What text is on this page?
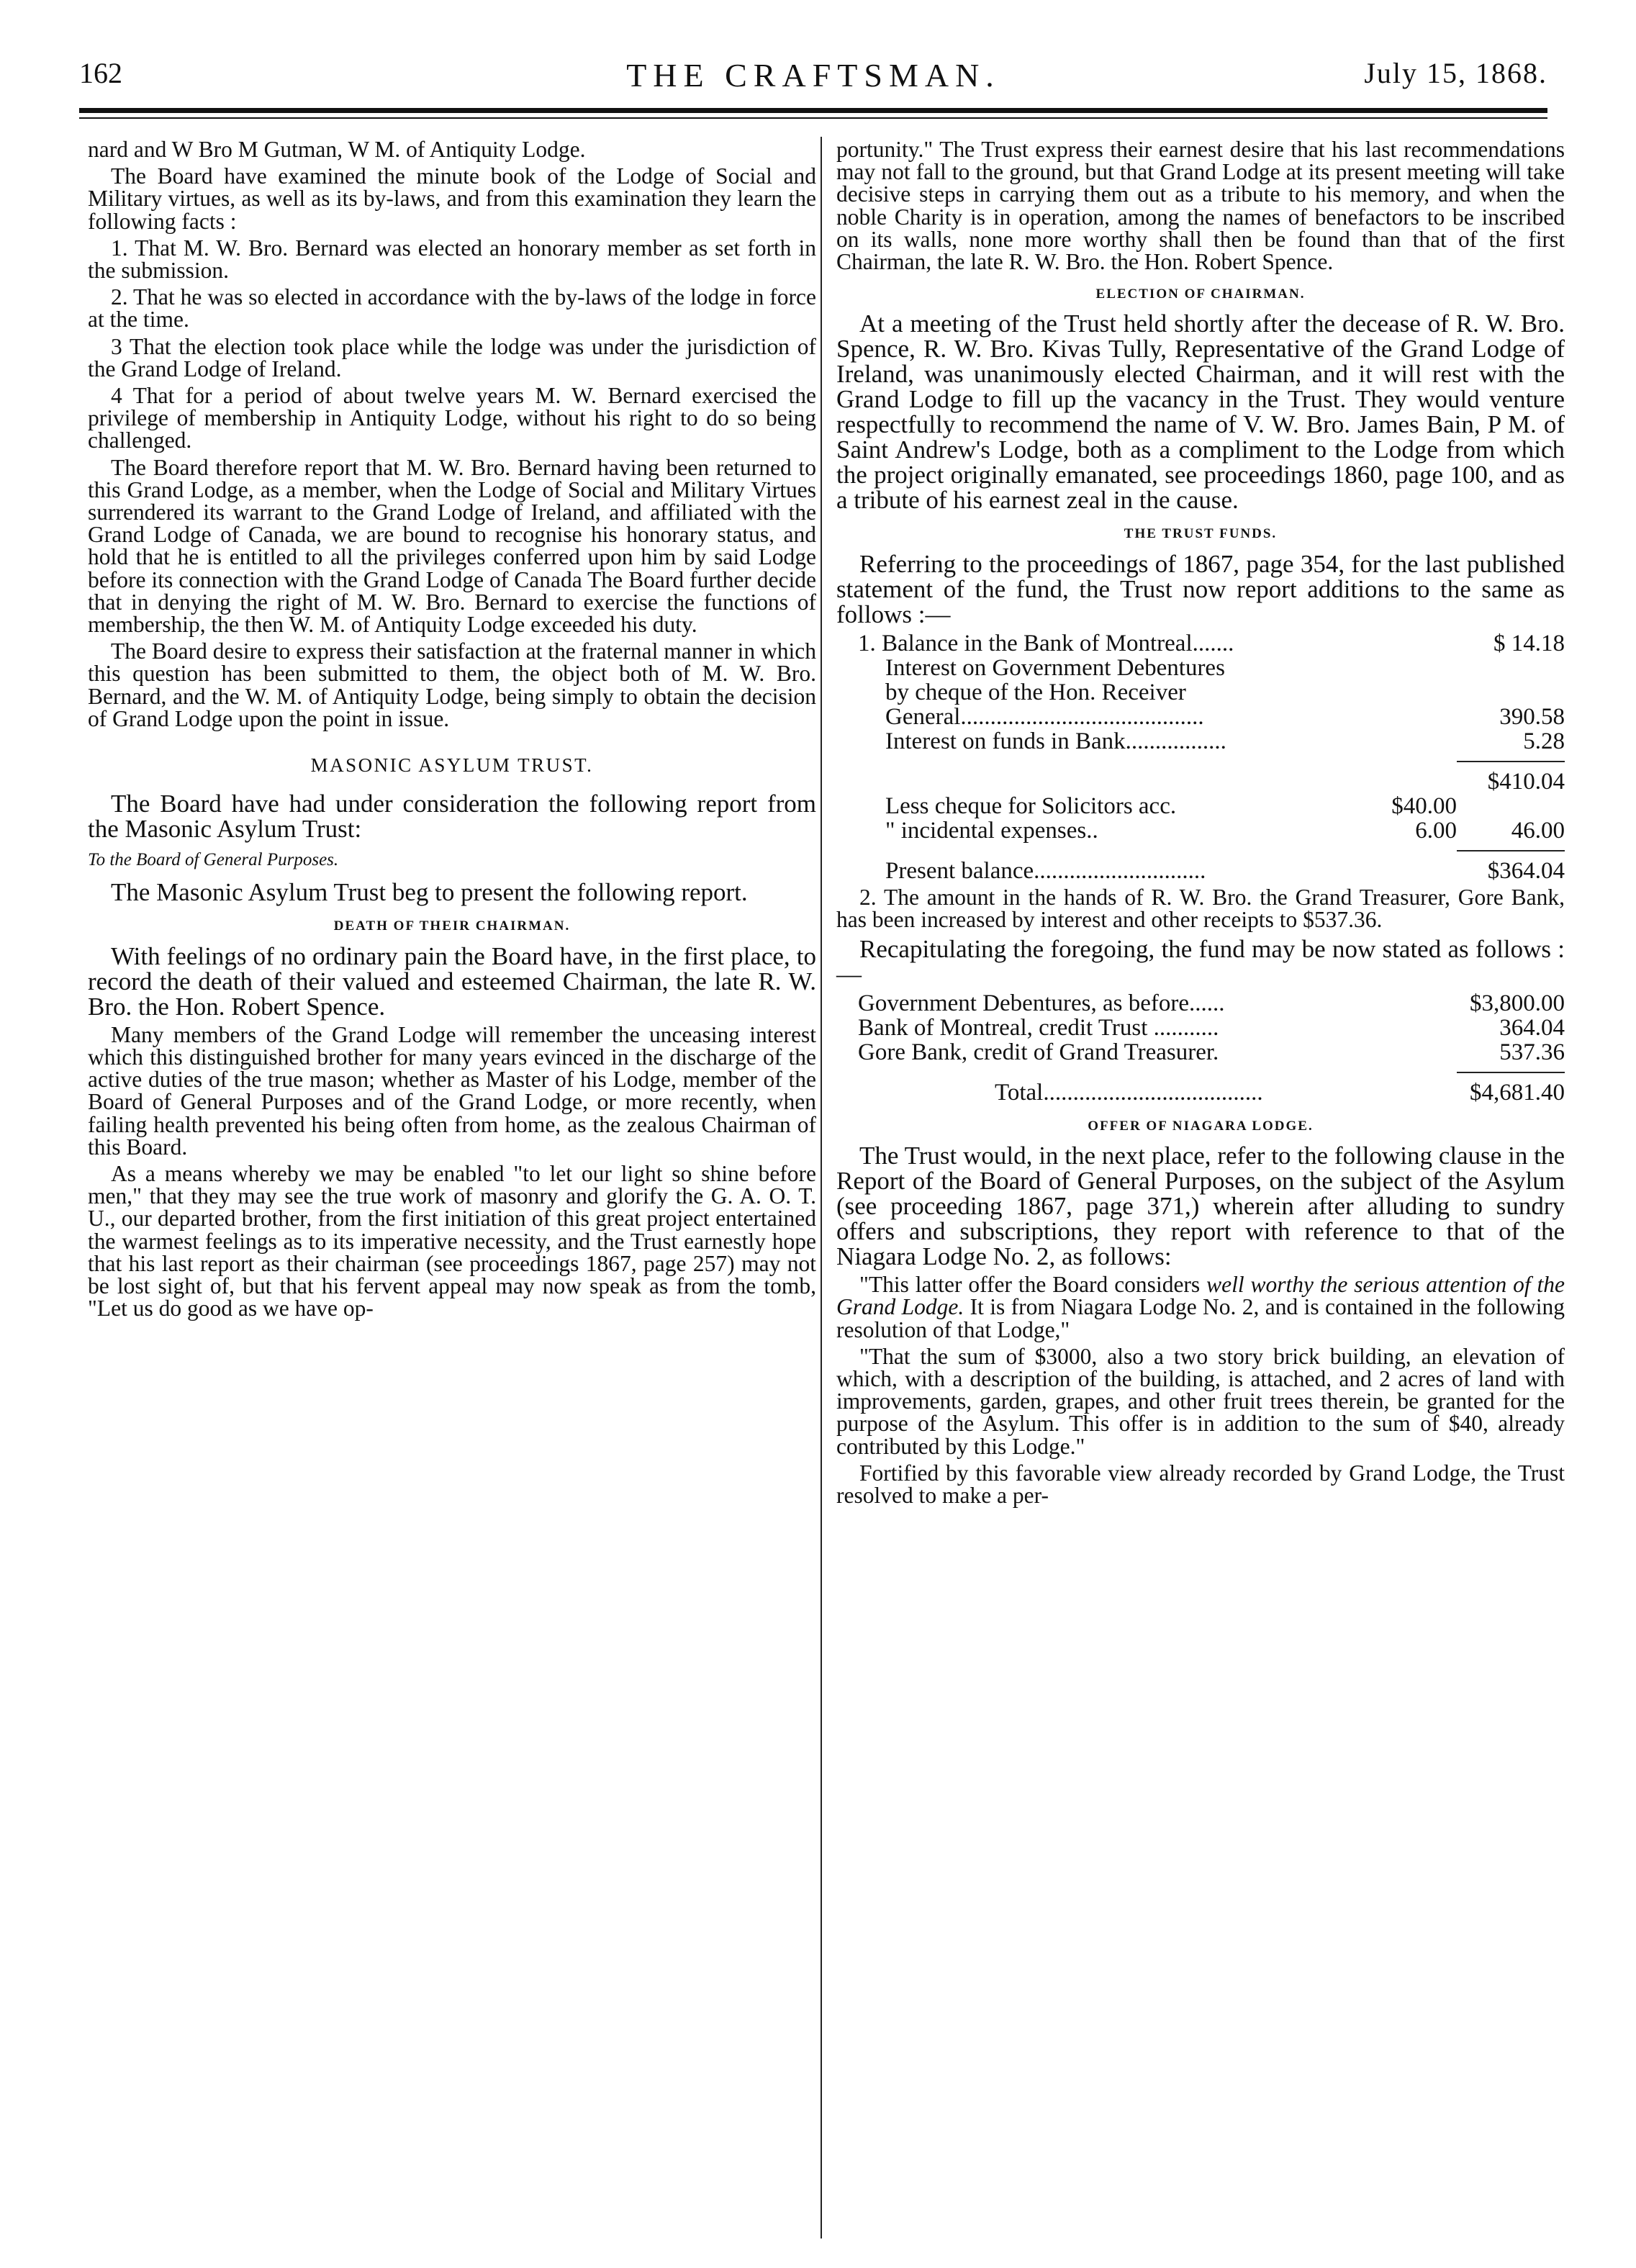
162	THE CRAFTSMAN.	July 15, 1868.

nard and W Bro M Gutman, W M. of Antiquity Lodge.

The Board have examined the minute book of the Lodge of Social and Military virtues, as well as its by-laws, and from this examination they learn the following facts :

1. That M. W. Bro. Bernard was elected an honorary member as set forth in the submission.

2. That he was so elected in accordance with the by-laws of the lodge in force at the time.

3 That the election took place while the lodge was under the jurisdiction of the Grand Lodge of Ireland.

4 That for a period of about twelve years M. W. Bernard exercised the privilege of membership in Antiquity Lodge, without his right to do so being challenged.

The Board therefore report that M. W. Bro. Bernard having been returned to this Grand Lodge, as a member, when the Lodge of Social and Military Virtues surrendered its warrant to the Grand Lodge of Ireland, and affiliated with the Grand Lodge of Canada, we are bound to recognise his honorary status, and hold that he is entitled to all the privileges conferred upon him by said Lodge before its connection with the Grand Lodge of Canada The Board further decide that in denying the right of M. W. Bro. Bernard to exercise the functions of membership, the then W. M. of Antiquity Lodge exceeded his duty.

The Board desire to express their satisfaction at the fraternal manner in which this question has been submitted to them, the object both of M. W. Bro. Bernard, and the W. M. of Antiquity Lodge, being simply to obtain the decision of Grand Lodge upon the point in issue.

MASONIC ASYLUM TRUST.

The Board have had under consideration the following report from the Masonic Asylum Trust:

To the Board of General Purposes.

The Masonic Asylum Trust beg to present the following report.

DEATH OF THEIR CHAIRMAN.

With feelings of no ordinary pain the Board have, in the first place, to record the death of their valued and esteemed Chairman, the late R. W. Bro. the Hon. Robert Spence.

Many members of the Grand Lodge will remember the unceasing interest which this distinguished brother for many years evinced in the discharge of the active duties of the true mason; whether as Master of his Lodge, member of the Board of General Purposes and of the Grand Lodge, or more recently, when failing health prevented his being often from home, as the zealous Chairman of this Board.

As a means whereby we may be enabled "to let our light so shine before men," that they may see the true work of masonry and glorify the G. A. O. T. U., our departed brother, from the first initiation of this great project entertained the warmest feelings as to its imperative necessity, and the Trust earnestly hope that his last report as their chairman (see proceedings 1867, page 257) may not be lost sight of, but that his fervent appeal may now speak as from the tomb, "Let us do good as we have op-

portunity." The Trust express their earnest desire that his last recommendations may not fall to the ground, but that Grand Lodge at its present meeting will take decisive steps in carrying them out as a tribute to his memory, and when the noble Charity is in operation, among the names of benefactors to be inscribed on its walls, none more worthy shall then be found than that of the first Chairman, the late R. W. Bro. the Hon. Robert Spence.

ELECTION OF CHAIRMAN.

At a meeting of the Trust held shortly after the decease of R. W. Bro. Spence, R. W. Bro. Kivas Tully, Representative of the Grand Lodge of Ireland, was unanimously elected Chairman, and it will rest with the Grand Lodge to fill up the vacancy in the Trust. They would venture respectfully to recommend the name of V. W. Bro. James Bain, P M. of Saint Andrew's Lodge, both as a compliment to the Lodge from which the project originally emanated, see proceedings 1860, page 100, and as a tribute of his earnest zeal in the cause.

THE TRUST FUNDS.

Referring to the proceedings of 1867, page 354, for the last published statement of the fund, the Trust now report additions to the same as follows :—

1. Balance in the Bank of Montreal.......	$ 14.18
Interest on Government Debentures
by cheque of the Hon. Receiver
General.........................................	390.58
Interest on funds in Bank.................	5.28
$410.04
Less cheque for Solicitors acc.	$40.00
" incidental expenses..	6.00	46.00
Present balance.............................	$364.04

2. The amount in the hands of R. W. Bro. the Grand Treasurer, Gore Bank, has been increased by interest and other receipts to $537.36.

Recapitulating the foregoing, the fund may be now stated as follows :—

Government Debentures, as before......	$3,800.00
Bank of Montreal, credit Trust ...........	364.04
Gore Bank, credit of Grand Treasurer.	537.36
Total.....................................	$4,681.40
OFFER OF NIAGARA LODGE.

The Trust would, in the next place, refer to the following clause in the Report of the Board of General Purposes, on the subject of the Asylum (see proceeding 1867, page 371,) wherein after alluding to sundry offers and subscriptions, they report with reference to that of the Niagara Lodge No. 2, as follows:

"This latter offer the Board considers well worthy the serious attention of the Grand Lodge. It is from Niagara Lodge No. 2, and is contained in the following resolution of that Lodge,"

"That the sum of $3000, also a two story brick building, an elevation of which, with a description of the building, is attached, and 2 acres of land with improvements, garden, grapes, and other fruit trees therein, be granted for the purpose of the Asylum. This offer is in addition to the sum of $40, already contributed by this Lodge."

Fortified by this favorable view already recorded by Grand Lodge, the Trust resolved to make a per-
